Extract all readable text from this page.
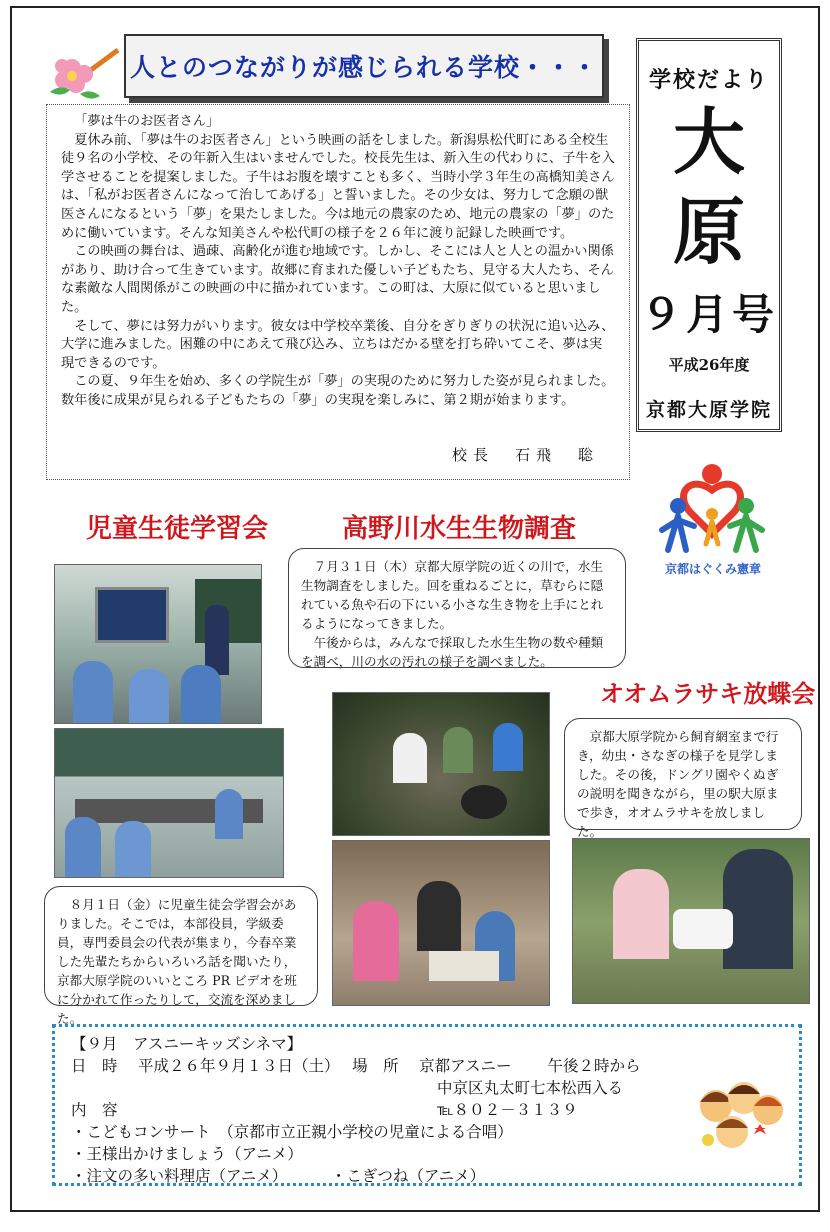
人とのつながりが感じられる学校・・・	学校だより
大
原
９月号
平成26年度
京都大原学院
「夢は牛のお医者さん」

夏休み前、「夢は牛のお医者さん」という映画の話をしました。新潟県松代町にある全校生徒９名の小学校、その年新入生はいませんでした。校長先生は、新入生の代わりに、子牛を入学させることを提案しました。子牛はお腹を壊すことも多く、当時小学３年生の高橋知美さんは、「私がお医者さんになって治してあげる」と誓いました。その少女は、努力して念願の獣医さんになるという「夢」を果たしました。今は地元の農家のため、地元の農家の「夢」のために働いています。そんな知美さんや松代町の様子を２６年に渡り記録した映画です。

この映画の舞台は、過疎、高齢化が進む地域です。しかし、そこには人と人との温かい関係があり、助け合って生きています。故郷に育まれた優しい子どもたち、見守る大人たち、そんな素敵な人間関係がこの映画の中に描かれています。この町は、大原に似ていると思いました。

そして、夢には努力がいります。彼女は中学校卒業後、自分をぎりぎりの状況に追い込み、大学に進みました。困難の中にあえて飛び込み、立ちはだかる壁を打ち砕いてこそ、夢は実現できるのです。

この夏、９年生を始め、多くの学院生が「夢」の実現のために努力した姿が見られました。数年後に成果が見られる子どもたちの「夢」の実現を楽しみに、第２期が始まります。

校長　石飛　聡
児童生徒学習会	高野川水生生物調査
オオムラサキ放蝶会
京都はぐくみ憲章

７月３１日（木）京都大原学院の近くの川で，水生生物調査をしました。回を重ねるごとに，草むらに隠れている魚や石の下にいる小さな生き物を上手にとれるようになってきました。

午後からは，みんなで採取した水生生物の数や種類を調べ，川の水の汚れの様子を調べました。

京都大原学院から飼育網室まで行き，幼虫・さなぎの様子を見学しました。その後，ドングリ園やくぬぎの説明を聞きながら，里の駅大原まで歩き，オオムラサキを放しました。

８月１日（金）に児童生徒会学習会がありました。そこでは，本部役員，学級委員，専門委員会の代表が集まり，今春卒業した先輩たちからいろいろ話を聞いたり，京都大原学院のいいところ PR ビデオを班に分かれて作ったりして，交流を深めました。

【９月　アスニーキッズシネマ】
日　時　 平成２６年９月１３日（土）　 場　所　 京都アスニー　　 午後２時から
中京区丸太町七本松西入る
内　容	℡８０２－３１３９
・こどもコンサート　（京都市立正親小学校の児童による合唱）
・王様出かけましょう（アニメ）
・注文の多い料理店（アニメ）　　　	・こぎつね（アニメ）
